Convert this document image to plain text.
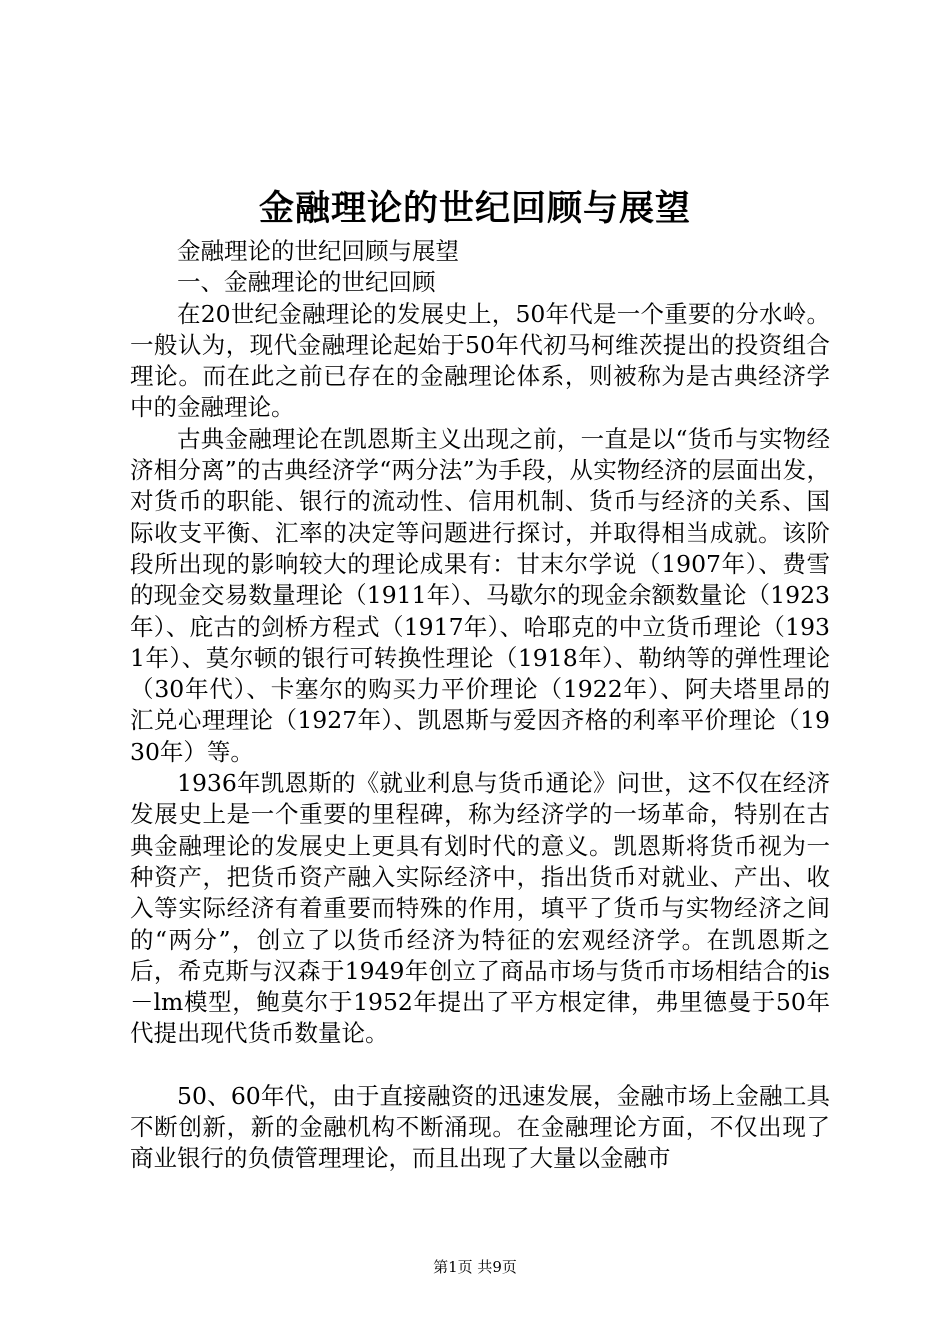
金融理论的世纪回顾与展望

金融理论的世纪回顾与展望

一、金融理论的世纪回顾

在20世纪金融理论的发展史上，50年代是一个重要的分水岭。一般认为，现代金融理论起始于50年代初马柯维茨提出的投资组合理论。而在此之前已存在的金融理论体系，则被称为是古典经济学中的金融理论。

古典金融理论在凯恩斯主义出现之前，一直是以“货币与实物经济相分离”的古典经济学“两分法”为手段，从实物经济的层面出发，对货币的职能、银行的流动性、信用机制、货币与经济的关系、国际收支平衡、汇率的决定等问题进行探讨，并取得相当成就。该阶段所出现的影响较大的理论成果有：甘末尔学说（1907年）、费雪的现金交易数量理论（1911年）、马歇尔的现金余额数量论（1923年）、庇古的剑桥方程式（1917年）、哈耶克的中立货币理论（1931年）、莫尔顿的银行可转换性理论（1918年）、勒纳等的弹性理论（30年代）、卡塞尔的购买力平价理论（1922年）、阿夫塔里昂的汇兑心理理论（1927年）、凯恩斯与爱因齐格的利率平价理论（1930年）等。

1936年凯恩斯的《就业利息与货币通论》问世，这不仅在经济发展史上是一个重要的里程碑，称为经济学的一场革命，特别在古典金融理论的发展史上更具有划时代的意义。凯恩斯将货币视为一种资产，把货币资产融入实际经济中，指出货币对就业、产出、收入等实际经济有着重要而特殊的作用，填平了货币与实物经济之间的“两分”，创立了以货币经济为特征的宏观经济学。在凯恩斯之后，希克斯与汉森于1949年创立了商品市场与货币市场相结合的is－lm模型，鲍莫尔于1952年提出了平方根定律，弗里德曼于50年代提出现代货币数量论。

50、60年代，由于直接融资的迅速发展，金融市场上金融工具不断创新，新的金融机构不断涌现。在金融理论方面，不仅出现了商业银行的负债管理理论，而且出现了大量以金融市

第1页 共9页
